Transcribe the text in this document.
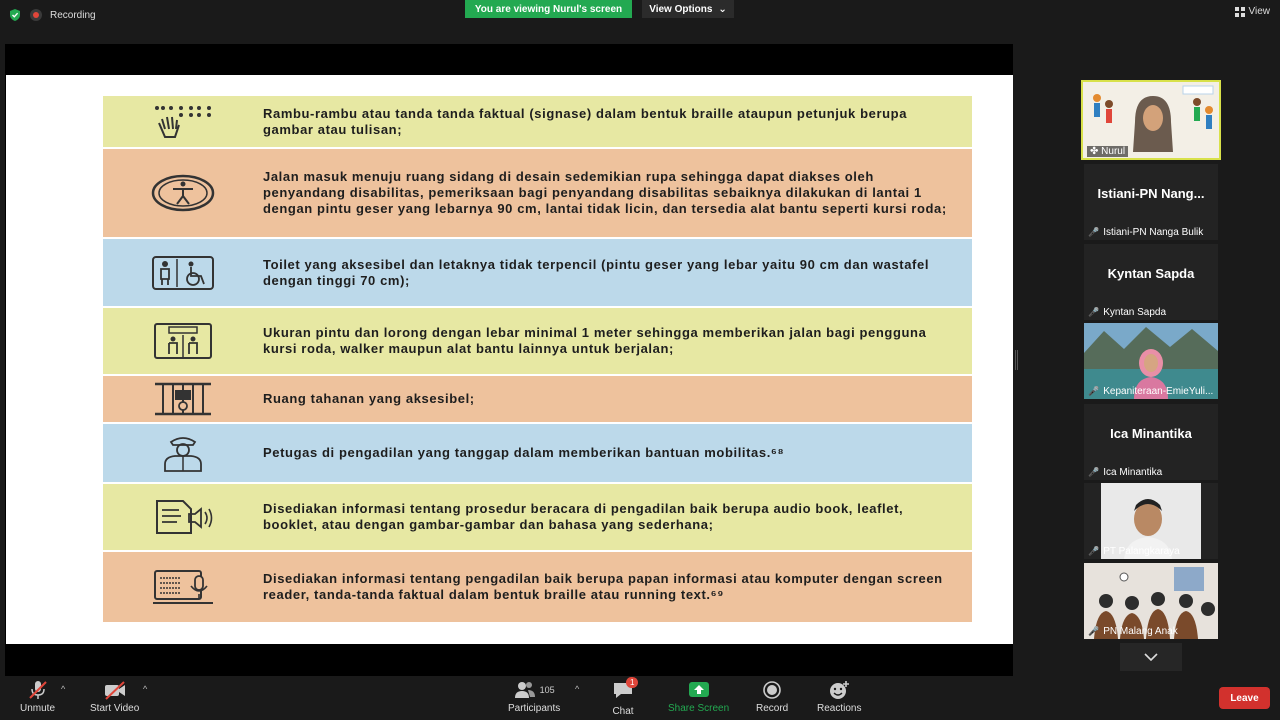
Recording
You are viewing Nurul's screen	View Options ⌄	View
Rambu-rambu atau tanda tanda faktual (signase) dalam bentuk braille ataupun petunjuk berupa gambar atau tulisan;
Jalan masuk menuju ruang sidang di desain sedemikian rupa sehingga dapat diakses oleh penyandang disabilitas, pemeriksaan bagi penyandang disabilitas sebaiknya dilakukan di lantai 1 dengan pintu geser yang lebarnya 90 cm, lantai tidak licin, dan tersedia alat bantu seperti kursi roda;
Toilet yang aksesibel dan letaknya tidak terpencil (pintu geser yang lebar yaitu 90 cm dan wastafel dengan tinggi 70 cm);
Ukuran pintu dan lorong dengan lebar minimal 1 meter sehingga memberikan jalan bagi pengguna kursi roda, walker maupun alat bantu lainnya untuk berjalan;
Ruang tahanan yang aksesibel;
Petugas di pengadilan yang tanggap dalam memberikan bantuan mobilitas.⁶⁸
Disediakan informasi tentang prosedur beracara di pengadilan baik berupa audio book, leaflet, booklet, atau dengan gambar-gambar dan bahasa yang sederhana;
Disediakan informasi tentang pengadilan baik berupa papan informasi atau komputer dengan screen reader, tanda-tanda faktual dalam bentuk braille atau running text.⁶⁹
✤ Nurul
Istiani-PN Nang...
🎤 Istiani-PN Nanga Bulik
Kyntan Sapda
🎤 Kyntan Sapda
🎤 Kepaniteraan-EmieYuli...
Ica Minantika
🎤 Ica Minantika
🎤 PT Palangkaraya
🎤 PN Malang Anak
Unmute
^
Start Video
^	105
Participants
^
1
Chat	Share Screen	Record	Reactions
Leave
